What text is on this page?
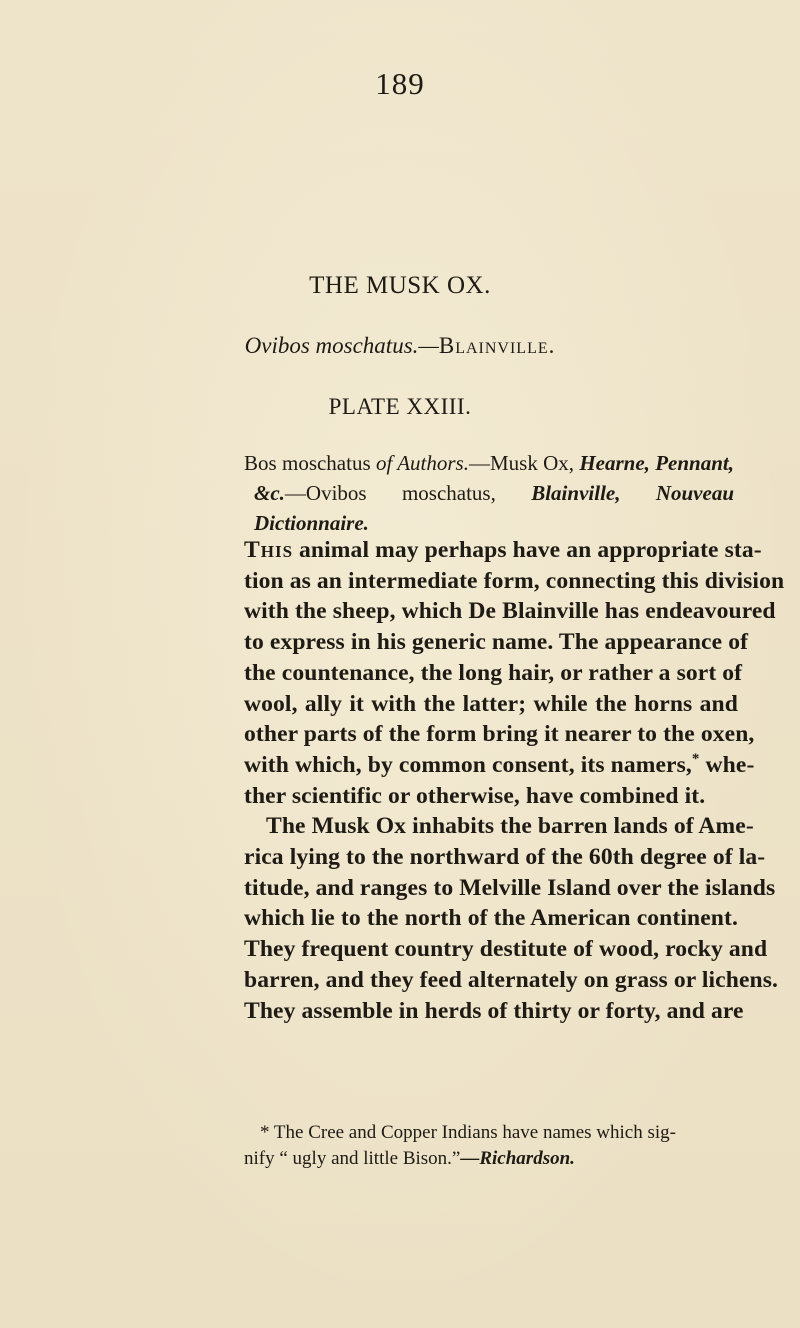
189
THE MUSK OX.
Ovibos moschatus.—Blainville.
PLATE XXIII.
Bos moschatus of Authors.—Musk Ox, Hearne, Pennant,
&c.—Ovibos moschatus, Blainville, Nouveau Dictionnaire.
This animal may perhaps have an appropriate sta-
tion as an intermediate form, connecting this division
with the sheep, which De Blainville has endeavoured
to express in his generic name. The appearance of
the countenance, the long hair, or rather a sort of
wool, ally it with the latter; while the horns and
other parts of the form bring it nearer to the oxen,
with which, by common consent, its namers,* whe-
ther scientific or otherwise, have combined it.
The Musk Ox inhabits the barren lands of Ame-
rica lying to the northward of the 60th degree of la-
titude, and ranges to Melville Island over the islands
which lie to the north of the American continent.
They frequent country destitute of wood, rocky and
barren, and they feed alternately on grass or lichens.
They assemble in herds of thirty or forty, and are
* The Cree and Copper Indians have names which sig-
nify “ ugly and little Bison.”—Richardson.
